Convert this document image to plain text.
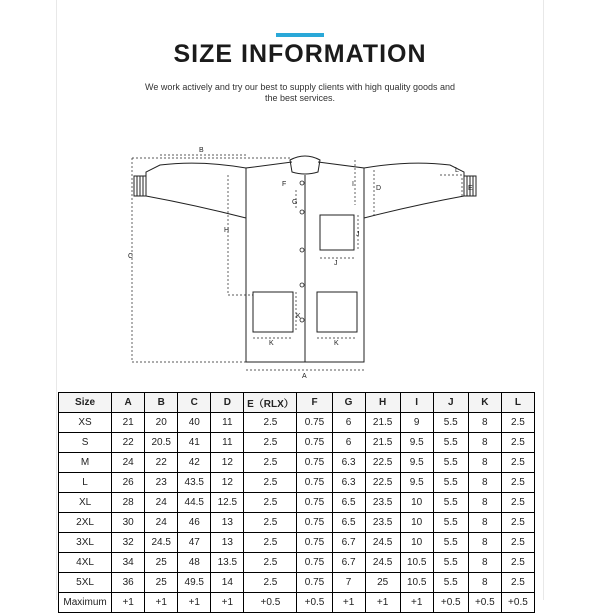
SIZE INFORMATION
We work actively and try our best to supply clients with high quality goods and the best services.
B
C
H
A
I
D
F
G
J
J
K
K	K
L
E
Size	A	B	C	D	E（RLX）	F	G	H	I	J	K	L
XS	21	20	40	11	2.5	0.75	6	21.5	9	5.5	8	2.5
S	22	20.5	41	11	2.5	0.75	6	21.5	9.5	5.5	8	2.5
M	24	22	42	12	2.5	0.75	6.3	22.5	9.5	5.5	8	2.5
L	26	23	43.5	12	2.5	0.75	6.3	22.5	9.5	5.5	8	2.5
XL	28	24	44.5	12.5	2.5	0.75	6.5	23.5	10	5.5	8	2.5
2XL	30	24	46	13	2.5	0.75	6.5	23.5	10	5.5	8	2.5
3XL	32	24.5	47	13	2.5	0.75	6.7	24.5	10	5.5	8	2.5
4XL	34	25	48	13.5	2.5	0.75	6.7	24.5	10.5	5.5	8	2.5
5XL	36	25	49.5	14	2.5	0.75	7	25	10.5	5.5	8	2.5
Maximum	+1	+1	+1	+1	+0.5	+0.5	+1	+1	+1	+0.5	+0.5	+0.5
